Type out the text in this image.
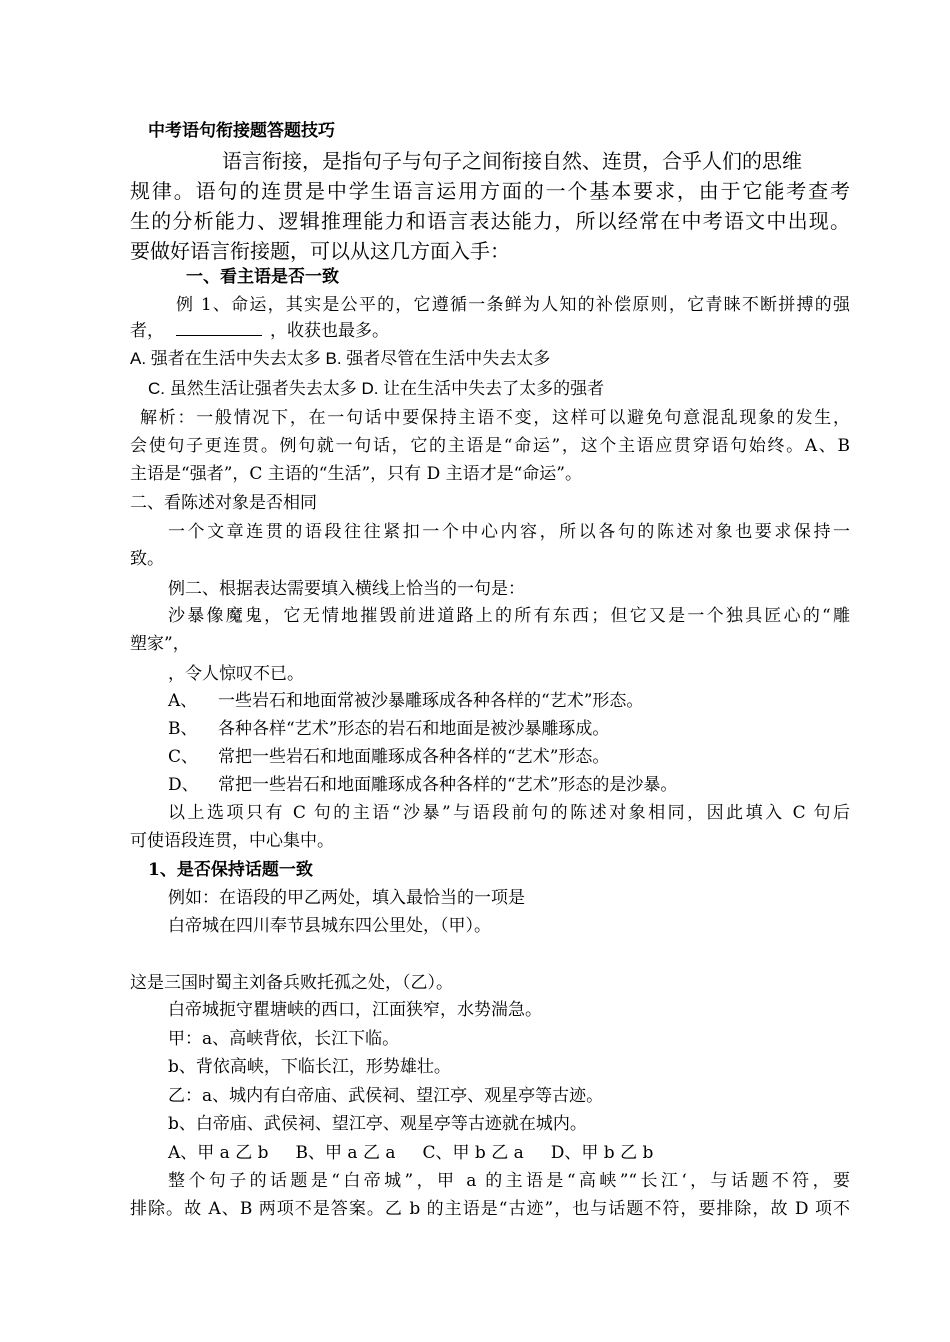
中考语句衔接题答题技巧
语言衔接，是指句子与句子之间衔接自然、连贯，合乎人们的思维
规律。语句的连贯是中学生语言运用方面的一个基本要求，由于它能考查考
生的分析能力、逻辑推理能力和语言表达能力，所以经常在中考语文中出现。
要做好语言衔接题，可以从这几方面入手：
一、看主语是否一致
例 1、命运，其实是公平的，它遵循一条鲜为人知的补偿原则，它青睐不断拼搏的强
者，	，收获也最多。
A. 强者在生活中失去太多 B. 强者尽管在生活中失去太多
C. 虽然生活让强者失去太多 D. 让在生活中失去了太多的强者
解析：一般情况下，在一句话中要保持主语不变，这样可以避免句意混乱现象的发生，
会使句子更连贯。例句就一句话，它的主语是“命运”，这个主语应贯穿语句始终。A、B
主语是“强者”，C 主语的“生活”，只有 D 主语才是“命运”。
二、看陈述对象是否相同
一个文章连贯的语段往往紧扣一个中心内容，所以各句的陈述对象也要求保持一
致。
例二、根据表达需要填入横线上恰当的一句是：
沙暴像魔鬼，它无情地摧毁前进道路上的所有东西；但它又是一个独具匠心的“雕
塑家”，
，令人惊叹不已。
A、 一些岩石和地面常被沙暴雕琢成各种各样的“艺术”形态。
B、 各种各样“艺术”形态的岩石和地面是被沙暴雕琢成。
C、 常把一些岩石和地面雕琢成各种各样的“艺术”形态。
D、 常把一些岩石和地面雕琢成各种各样的“艺术”形态的是沙暴。
以上选项只有 C 句的主语“沙暴”与语段前句的陈述对象相同，因此填入 C 句后
可使语段连贯，中心集中。
1、是否保持话题一致
例如：在语段的甲乙两处，填入最恰当的一项是
白帝城在四川奉节县城东四公里处，（甲）。
这是三国时蜀主刘备兵败托孤之处，（乙）。
白帝城扼守瞿塘峡的西口，江面狭窄，水势湍急。
甲：a、高峡背依，长江下临。
b、背依高峡，下临长江，形势雄壮。
乙：a、城内有白帝庙、武侯祠、望江亭、观星亭等古迹。
b、白帝庙、武侯祠、望江亭、观星亭等古迹就在城内。
A、甲 a 乙 b     B、甲 a 乙 a     C、甲 b 乙 a     D、甲 b 乙 b
整个句子的话题是“白帝城”，甲 a 的主语是“高峡”“长江‘，与话题不符，要
排除。故 A、B 两项不是答案。乙 b 的主语是“古迹”，也与话题不符，要排除，故 D 项不
